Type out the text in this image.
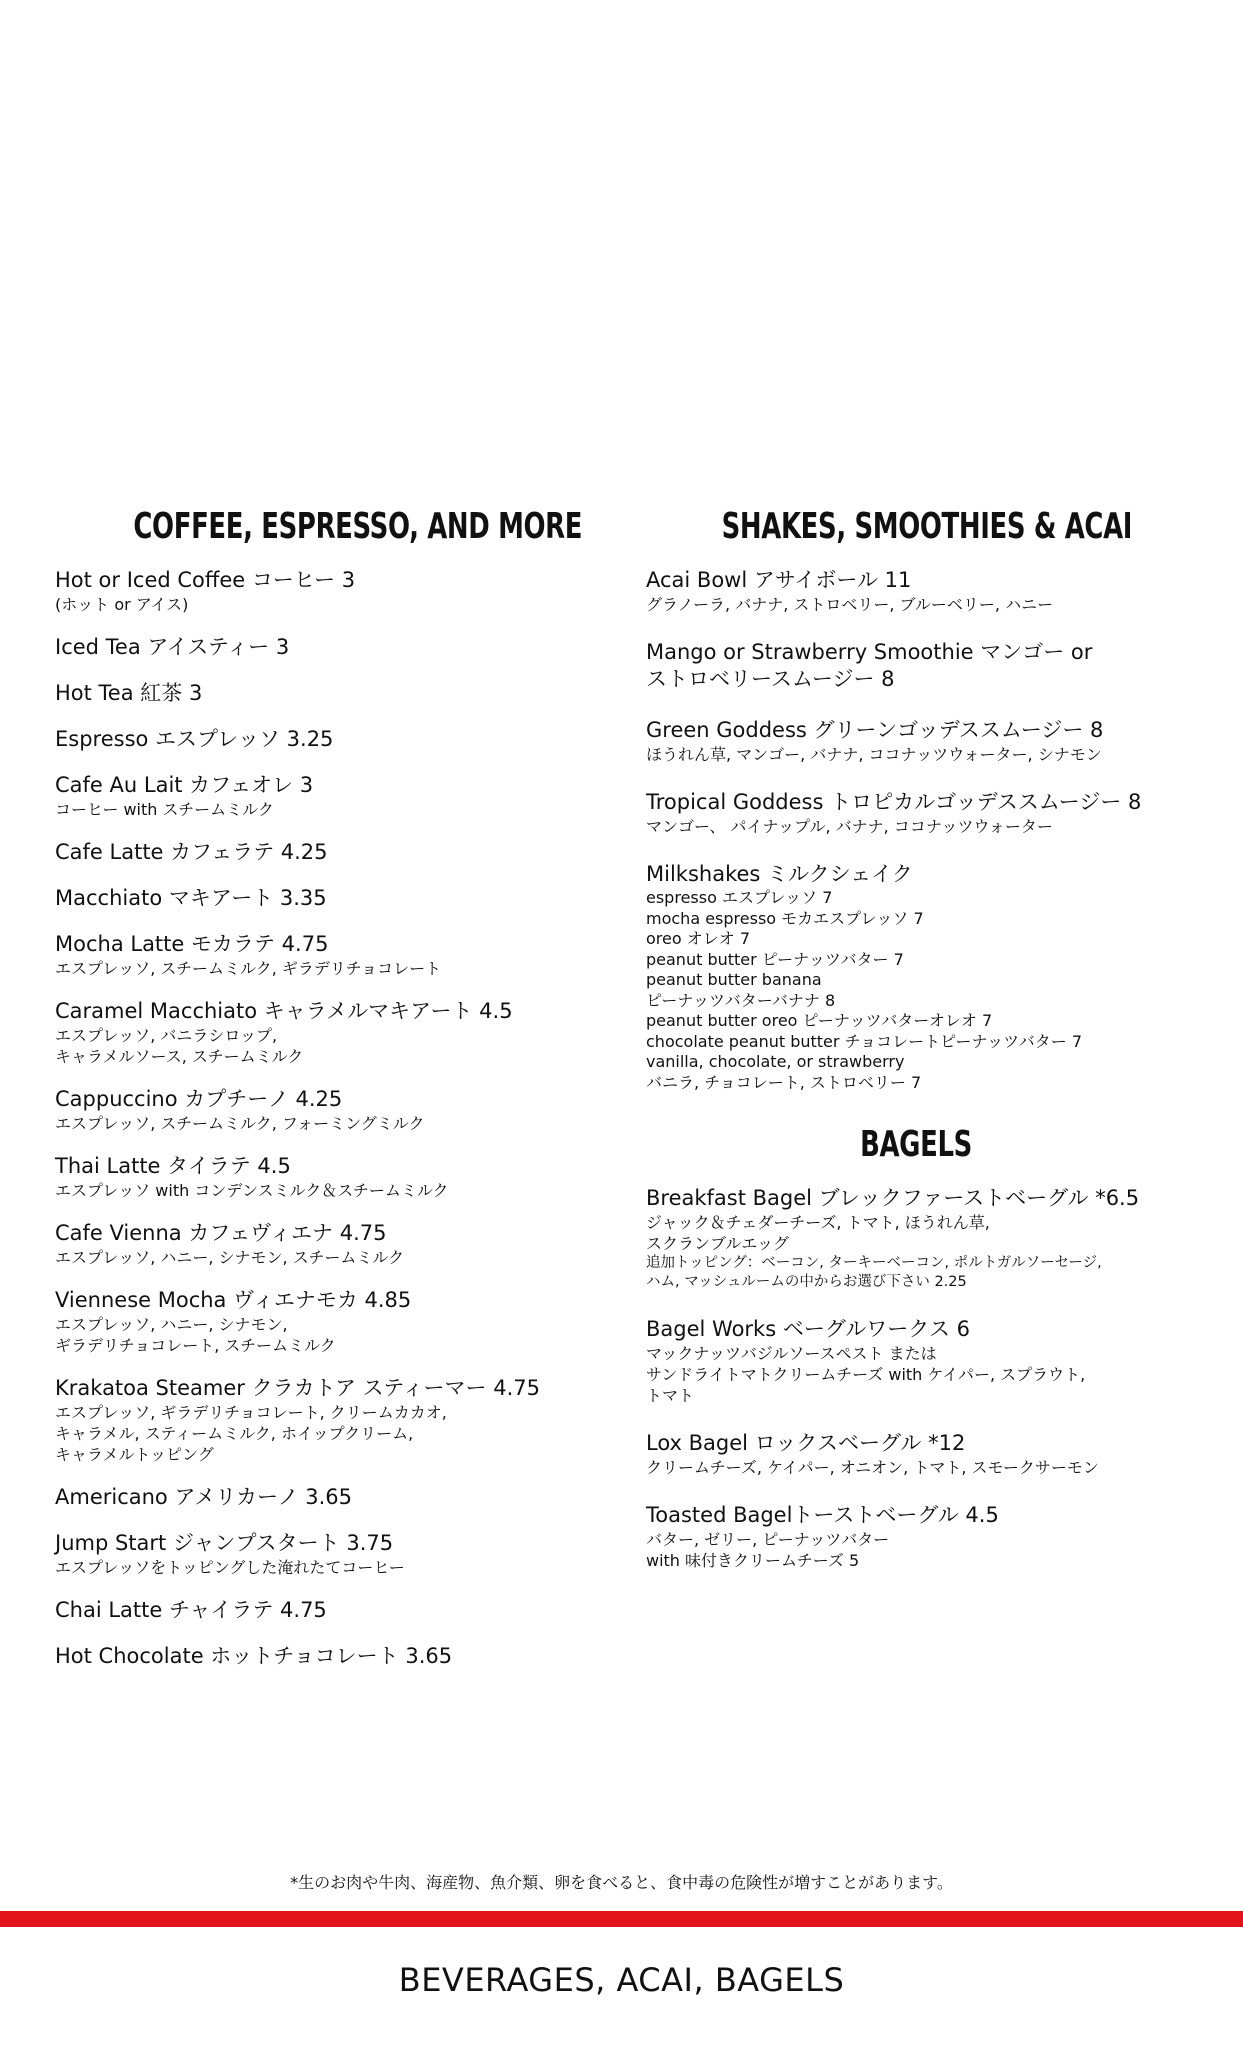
COFFEE, ESPRESSO, AND MORE
Hot or Iced Coffee コーヒー 3
(ホット or アイス)
Iced Tea アイスティー 3
Hot Tea 紅茶 3
Espresso エスプレッソ 3.25
Cafe Au Lait カフェオレ 3
コーヒー with スチームミルク
Cafe Latte カフェラテ 4.25
Macchiato マキアート 3.35
Mocha Latte モカラテ 4.75
エスプレッソ, スチームミルク, ギラデリチョコレート
Caramel Macchiato キャラメルマキアート 4.5
エスプレッソ, バニラシロップ,
キャラメルソース, スチームミルク
Cappuccino カプチーノ 4.25
エスプレッソ, スチームミルク, フォーミングミルク
Thai Latte タイラテ 4.5
エスプレッソ with コンデンスミルク＆スチームミルク
Cafe Vienna カフェヴィエナ 4.75
エスプレッソ, ハニー, シナモン, スチームミルク
Viennese Mocha ヴィエナモカ 4.85
エスプレッソ, ハニー, シナモン,
ギラデリチョコレート, スチームミルク
Krakatoa Steamer クラカトア スティーマー 4.75
エスプレッソ, ギラデリチョコレート, クリームカカオ,
キャラメル, スティームミルク, ホイップクリーム,
キャラメルトッピング
Americano アメリカーノ 3.65
Jump Start ジャンプスタート 3.75
エスプレッソをトッピングした淹れたてコーヒー
Chai Latte チャイラテ 4.75
Hot Chocolate ホットチョコレート 3.65
SHAKES, SMOOTHIES & ACAI
Acai Bowl アサイボール 11
グラノーラ, バナナ, ストロベリー, ブルーベリー, ハニー
Mango or Strawberry Smoothie マンゴー or
ストロベリースムージー 8
Green Goddess グリーンゴッデススムージー 8
ほうれん草, マンゴー, バナナ, ココナッツウォーター, シナモン
Tropical Goddess トロピカルゴッデススムージー 8
マンゴー、 パイナップル, バナナ, ココナッツウォーター
Milkshakes ミルクシェイク
espresso エスプレッソ 7
mocha espresso モカエスプレッソ 7
oreo オレオ 7
peanut butter ピーナッツバター 7
peanut butter banana
ピーナッツバターバナナ 8
peanut butter oreo ピーナッツバターオレオ 7
chocolate peanut butter チョコレートピーナッツバター 7
vanilla, chocolate, or strawberry
バニラ, チョコレート, ストロベリー 7
BAGELS
Breakfast Bagel ブレックファーストベーグル *6.5
ジャック＆チェダーチーズ, トマト, ほうれん草,
スクランブルエッグ
追加トッピング：ベーコン, ターキーベーコン, ポルトガルソーセージ,
ハム, マッシュルームの中からお選び下さい 2.25
Bagel Works ベーグルワークス 6
マックナッツバジルソースペスト または
サンドライトマトクリームチーズ with ケイパー, スプラウト,
トマト
Lox Bagel ロックスベーグル *12
クリームチーズ, ケイパー, オニオン, トマト, スモークサーモン
Toasted Bagelトーストベーグル 4.5
バター, ゼリー, ピーナッツバター
with 味付きクリームチーズ 5
*生のお肉や牛肉、海産物、魚介類、卵を食べると、食中毒の危険性が増すことがあります。
BEVERAGES, ACAI, BAGELS
